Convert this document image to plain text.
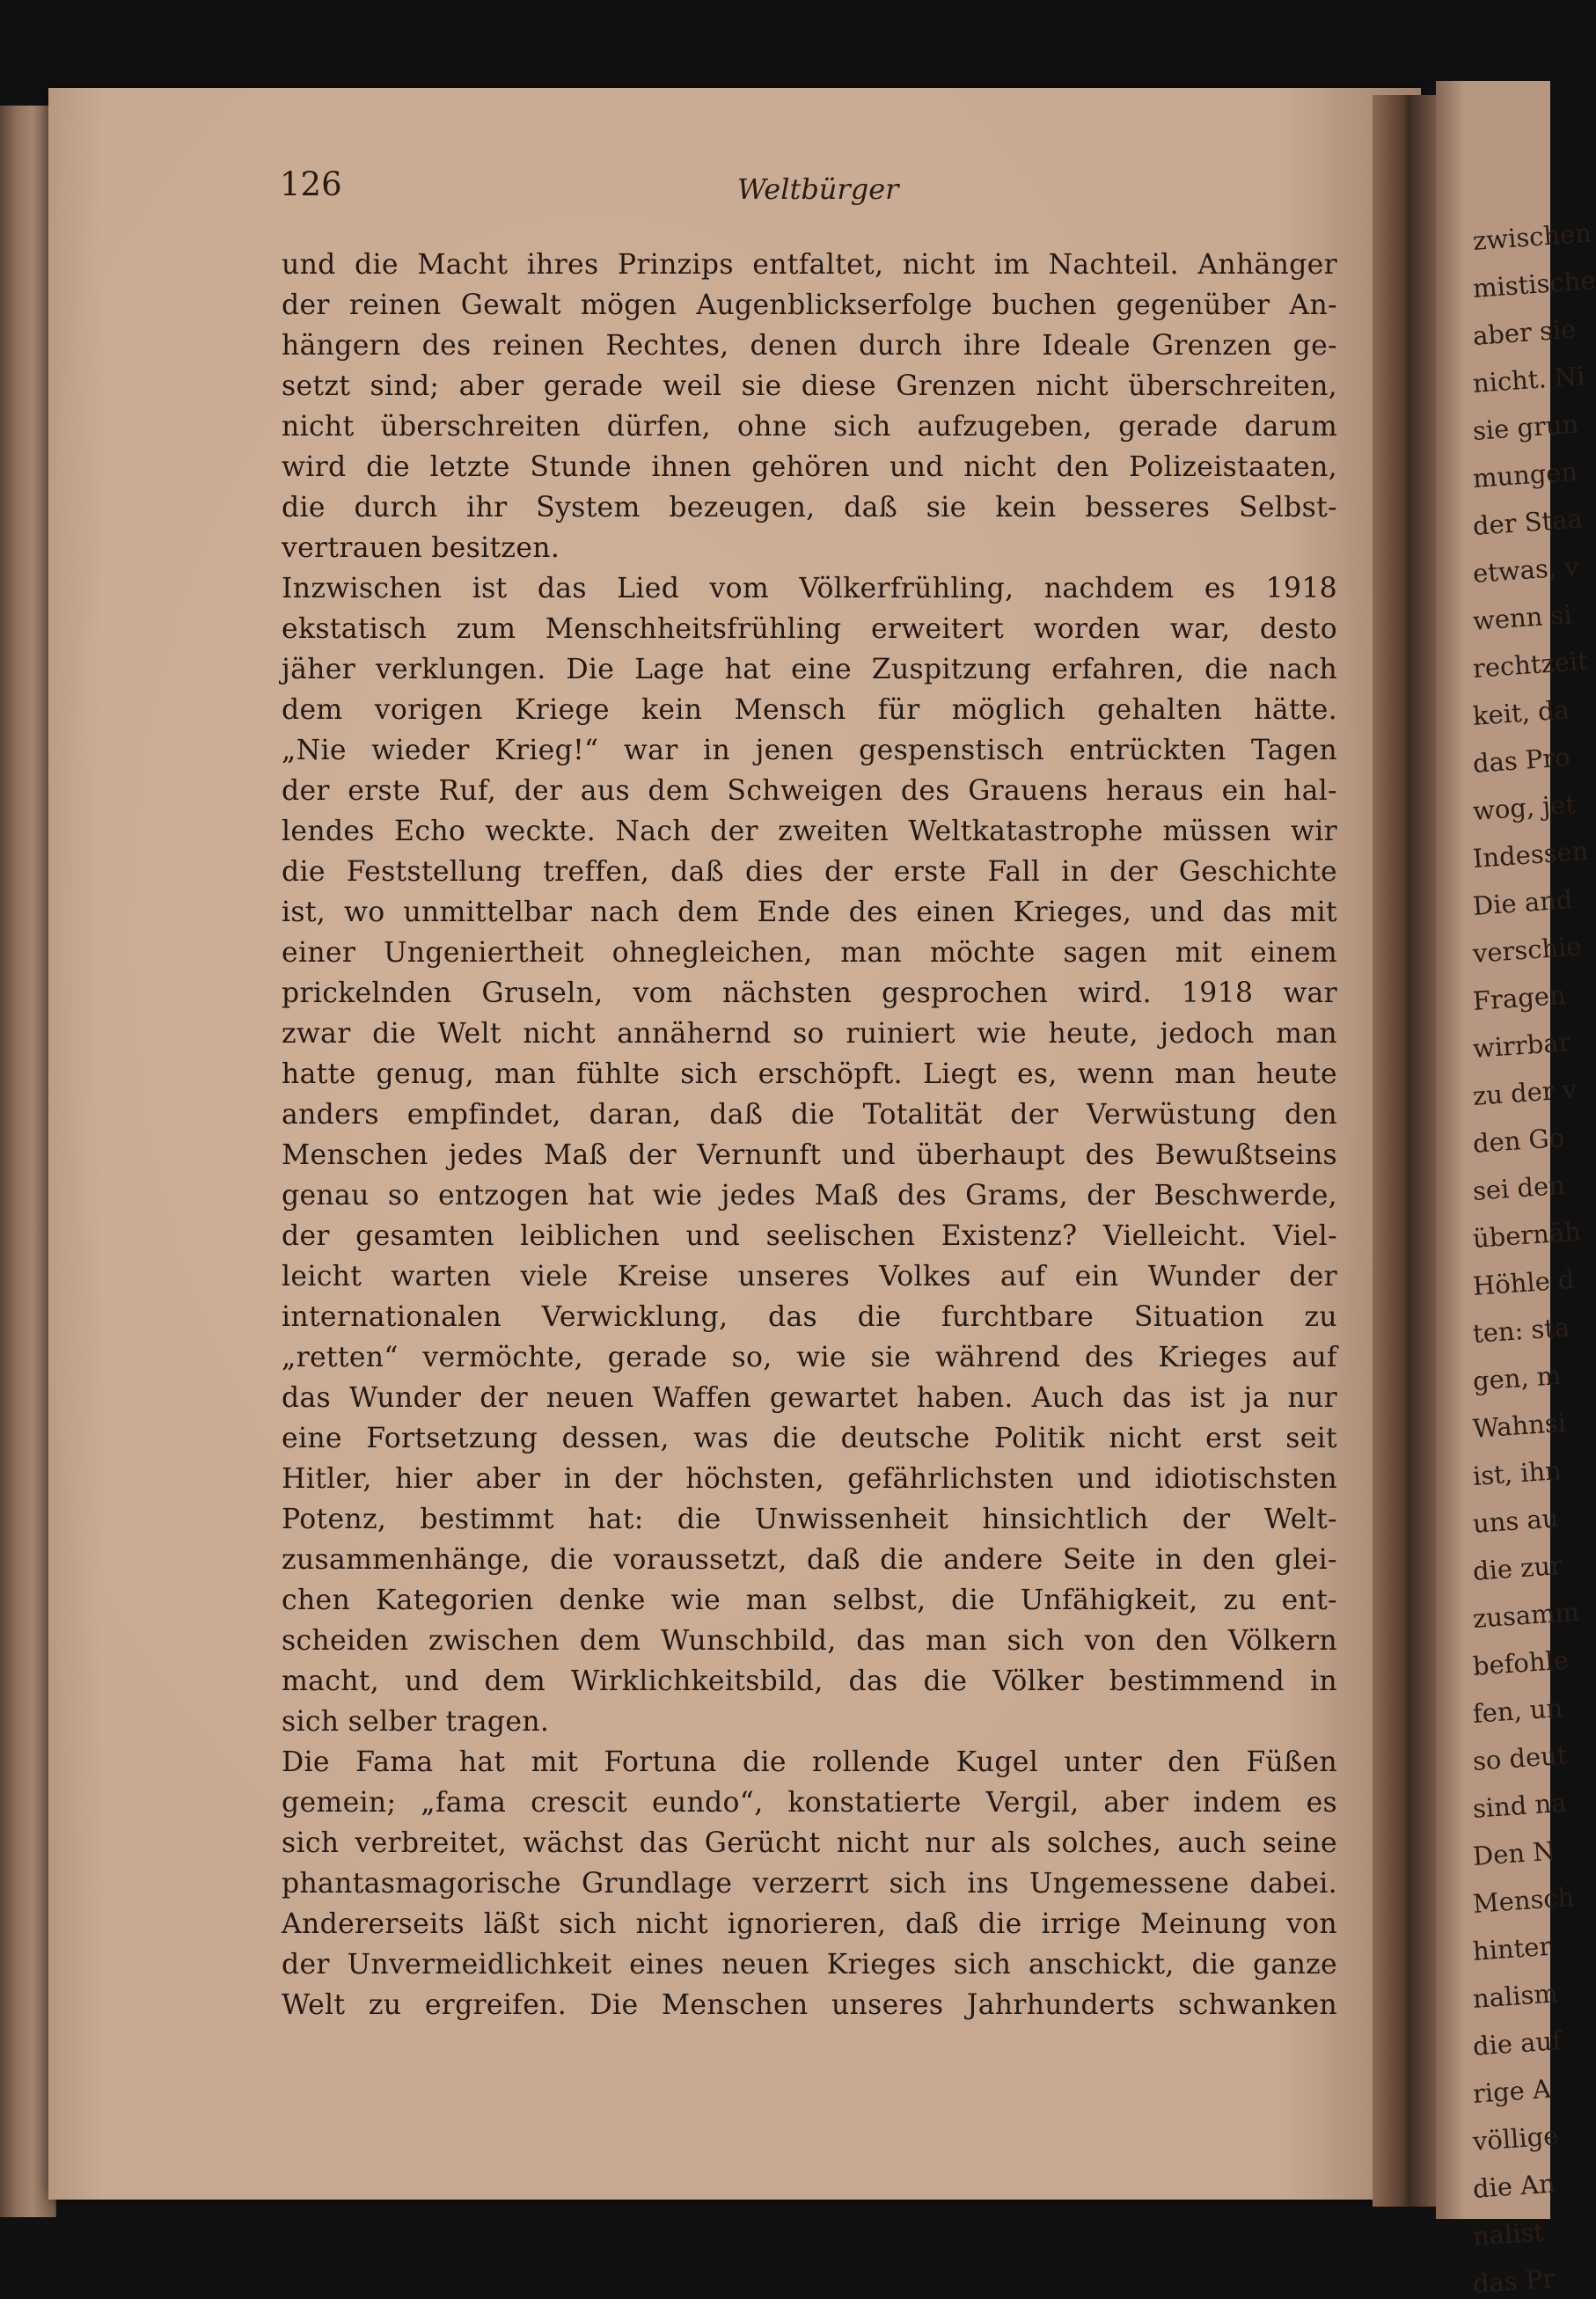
zwischen
mistische
aber sie
nicht. Ni
sie grun
mungen
der Staa
etwas, v
wenn si
rechtzeit
keit, da
das Pro
wog, jet
Indessen
Die and
verschie
Fragen
wirrbar
zu der v
den Go
sei den
übernäh
Höhle d
ten: sta
gen, m
Wahnsi
ist, ihn
uns au
die zur
zusamm
befohle
fen, un
so deut
sind na
Den N
Mensch
hinter
nalism
die auf
rige A
völlige
die An
nalist
das Pr
126	Weltbürger
und die Macht ihres Prinzips entfaltet, nicht im Nachteil. Anhänger
der reinen Gewalt mögen Augenblickserfolge buchen gegenüber An-
hängern des reinen Rechtes, denen durch ihre Ideale Grenzen ge-
setzt sind; aber gerade weil sie diese Grenzen nicht überschreiten,
nicht überschreiten dürfen, ohne sich aufzugeben, gerade darum
wird die letzte Stunde ihnen gehören und nicht den Polizeistaaten,
die durch ihr System bezeugen, daß sie kein besseres Selbst-
vertrauen besitzen.
Inzwischen ist das Lied vom Völkerfrühling, nachdem es 1918
ekstatisch zum Menschheitsfrühling erweitert worden war, desto
jäher verklungen. Die Lage hat eine Zuspitzung erfahren, die nach
dem vorigen Kriege kein Mensch für möglich gehalten hätte.
„Nie wieder Krieg!“ war in jenen gespenstisch entrückten Tagen
der erste Ruf, der aus dem Schweigen des Grauens heraus ein hal-
lendes Echo weckte. Nach der zweiten Weltkatastrophe müssen wir
die Feststellung treffen, daß dies der erste Fall in der Geschichte
ist, wo unmittelbar nach dem Ende des einen Krieges, und das mit
einer Ungeniertheit ohnegleichen, man möchte sagen mit einem
prickelnden Gruseln, vom nächsten gesprochen wird. 1918 war
zwar die Welt nicht annähernd so ruiniert wie heute, jedoch man
hatte genug, man fühlte sich erschöpft. Liegt es, wenn man heute
anders empfindet, daran, daß die Totalität der Verwüstung den
Menschen jedes Maß der Vernunft und überhaupt des Bewußtseins
genau so entzogen hat wie jedes Maß des Grams, der Beschwerde,
der gesamten leiblichen und seelischen Existenz? Vielleicht. Viel-
leicht warten viele Kreise unseres Volkes auf ein Wunder der
internationalen Verwicklung, das die furchtbare Situation zu
„retten“ vermöchte, gerade so, wie sie während des Krieges auf
das Wunder der neuen Waffen gewartet haben. Auch das ist ja nur
eine Fortsetzung dessen, was die deutsche Politik nicht erst seit
Hitler, hier aber in der höchsten, gefährlichsten und idiotischsten
Potenz, bestimmt hat: die Unwissenheit hinsichtlich der Welt-
zusammenhänge, die voraussetzt, daß die andere Seite in den glei-
chen Kategorien denke wie man selbst, die Unfähigkeit, zu ent-
scheiden zwischen dem Wunschbild, das man sich von den Völkern
macht, und dem Wirklichkeitsbild, das die Völker bestimmend in
sich selber tragen.
Die Fama hat mit Fortuna die rollende Kugel unter den Füßen
gemein; „fama crescit eundo“, konstatierte Vergil, aber indem es
sich verbreitet, wächst das Gerücht nicht nur als solches, auch seine
phantasmagorische Grundlage verzerrt sich ins Ungemessene dabei.
Andererseits läßt sich nicht ignorieren, daß die irrige Meinung von
der Unvermeidlichkeit eines neuen Krieges sich anschickt, die ganze
Welt zu ergreifen. Die Menschen unseres Jahrhunderts schwanken
